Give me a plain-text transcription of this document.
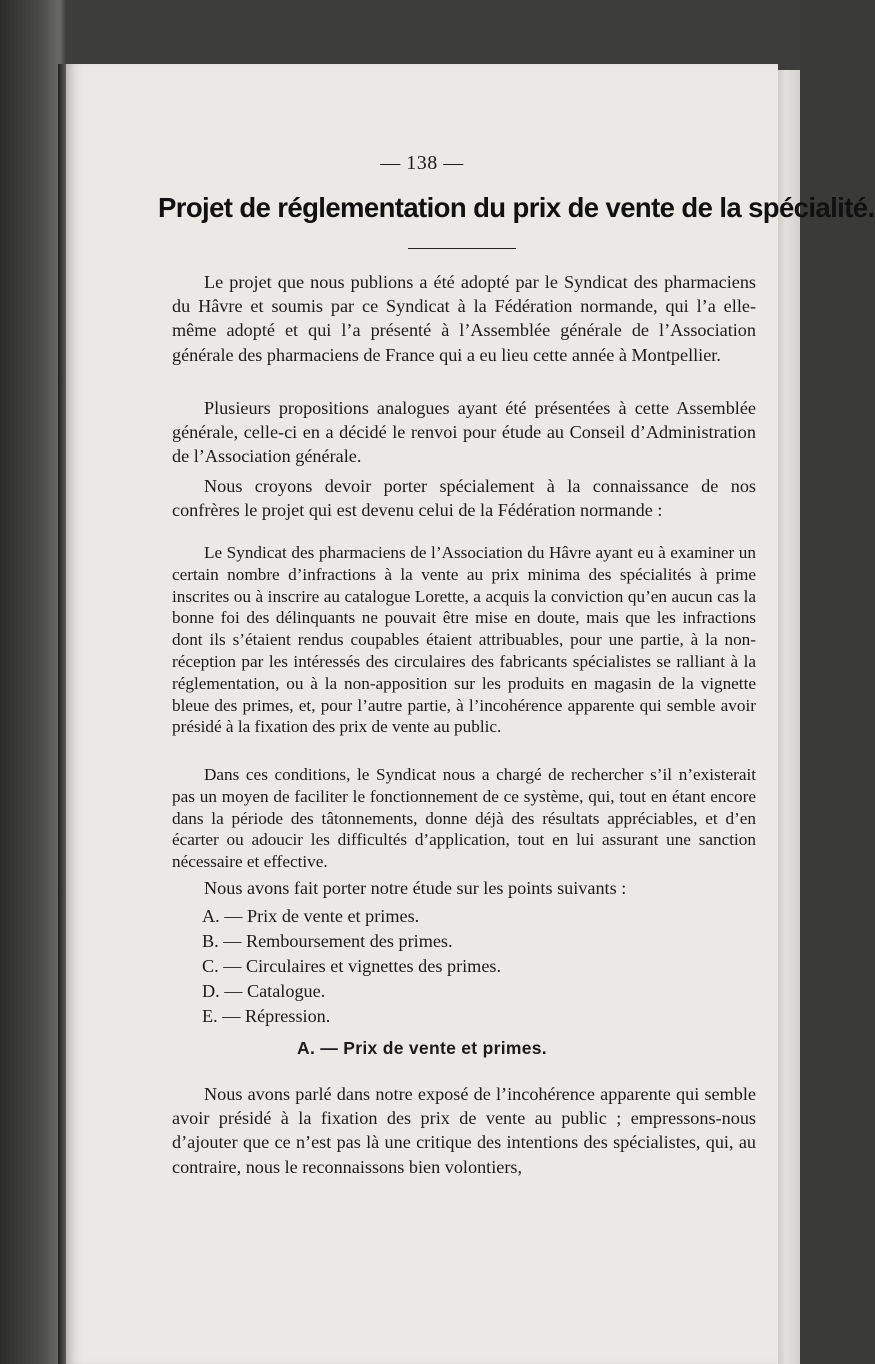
— 138 —
Projet de réglementation du prix de vente de la spécialité.

Le projet que nous publions a été adopté par le Syndicat des pharmaciens du Hâvre et soumis par ce Syndicat à la Fédération normande, qui l’a elle-même adopté et qui l’a présenté à l’Assemblée générale de l’Association générale des pharmaciens de France qui a eu lieu cette année à Montpellier.

Plusieurs propositions analogues ayant été présentées à cette Assemblée générale, celle-ci en a décidé le renvoi pour étude au Conseil d’Administration de l’Association générale.

Nous croyons devoir porter spécialement à la connaissance de nos confrères le projet qui est devenu celui de la Fédération normande :

Le Syndicat des pharmaciens de l’Association du Hâvre ayant eu à examiner un certain nombre d’infractions à la vente au prix minima des spécialités à prime inscrites ou à inscrire au catalogue Lorette, a acquis la conviction qu’en aucun cas la bonne foi des délinquants ne pouvait être mise en doute, mais que les infractions dont ils s’étaient rendus coupables étaient attribuables, pour une partie, à la non-réception par les intéressés des circulaires des fabricants spécialistes se ralliant à la réglementation, ou à la non-apposition sur les produits en magasin de la vignette bleue des primes, et, pour l’autre partie, à l’incohérence apparente qui semble avoir présidé à la fixation des prix de vente au public.

Dans ces conditions, le Syndicat nous a chargé de rechercher s’il n’existerait pas un moyen de faciliter le fonctionnement de ce système, qui, tout en étant encore dans la période des tâtonnements, donne déjà des résultats appréciables, et d’en écarter ou adoucir les difficultés d’application, tout en lui assurant une sanction nécessaire et effective.

Nous avons fait porter notre étude sur les points suivants :

A. — Prix de vente et primes.
B. — Remboursement des primes.
C. — Circulaires et vignettes des primes.
D. — Catalogue.
E. — Répression.
A. — Prix de vente et primes.

Nous avons parlé dans notre exposé de l’incohérence apparente qui semble avoir présidé à la fixation des prix de vente au public ; empressons-nous d’ajouter que ce n’est pas là une critique des intentions des spécialistes, qui, au contraire, nous le reconnaissons bien volontiers,
